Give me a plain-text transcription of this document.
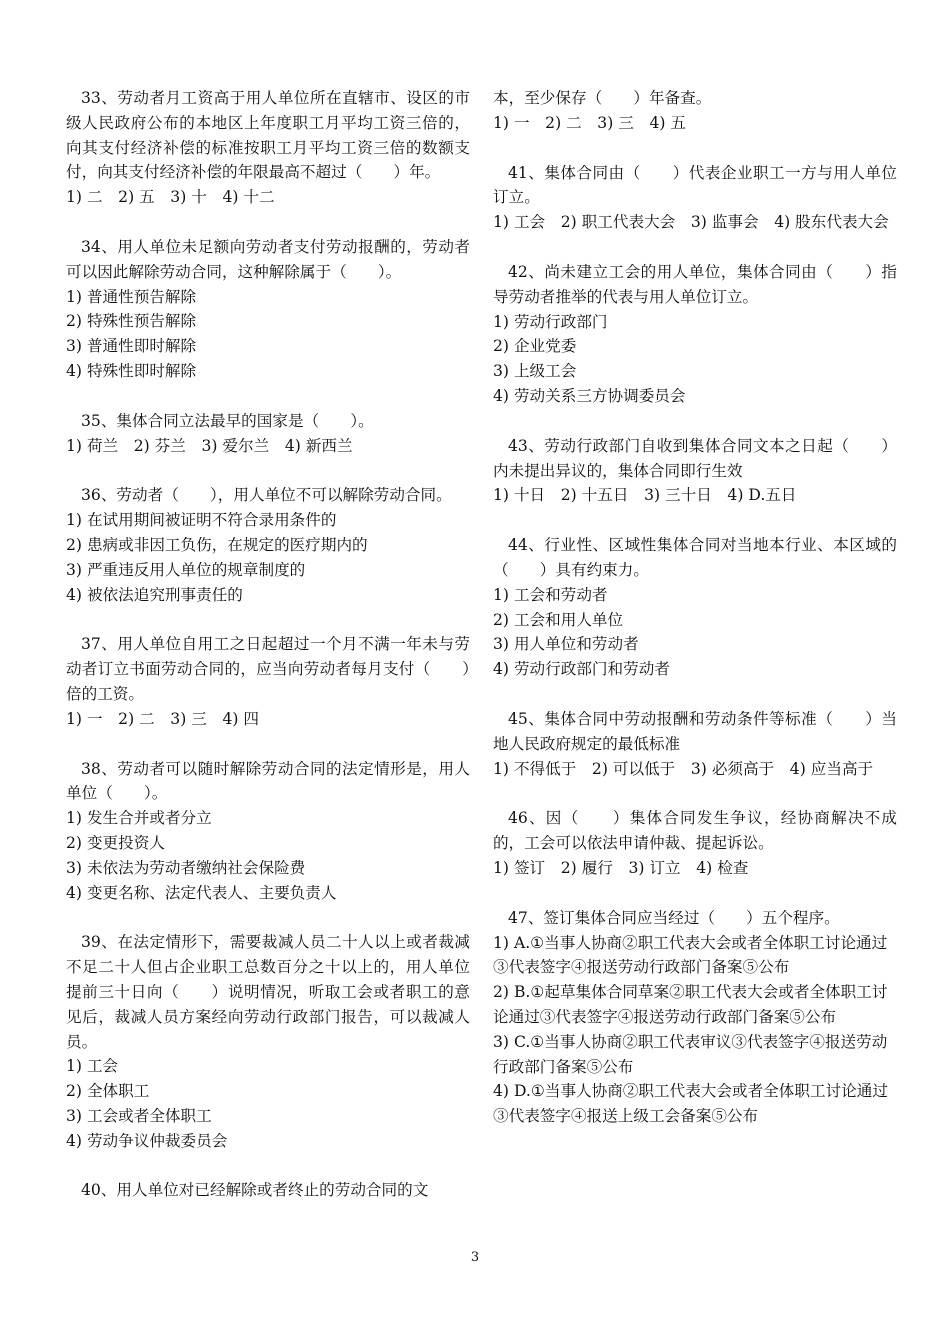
33、劳动者月工资高于用人单位所在直辖市、设区的市级人民政府公布的本地区上年度职工月平均工资三倍的，向其支付经济补偿的标准按职工月平均工资三倍的数额支付，向其支付经济补偿的年限最高不超过（　　）年。
1) 二　2) 五　3) 十　4) 十二
34、用人单位未足额向劳动者支付劳动报酬的，劳动者可以因此解除劳动合同，这种解除属于（　　）。
1) 普通性预告解除
2) 特殊性预告解除
3) 普通性即时解除
4) 特殊性即时解除
35、集体合同立法最早的国家是（　　）。
1) 荷兰　2) 芬兰　3) 爱尔兰　4) 新西兰
36、劳动者（　　），用人单位不可以解除劳动合同。
1) 在试用期间被证明不符合录用条件的
2) 患病或非因工负伤，在规定的医疗期内的
3) 严重违反用人单位的规章制度的
4) 被依法追究刑事责任的
37、用人单位自用工之日起超过一个月不满一年未与劳动者订立书面劳动合同的，应当向劳动者每月支付（　　）倍的工资。
1) 一　2) 二　3) 三　4) 四
38、劳动者可以随时解除劳动合同的法定情形是，用人单位（　　）。
1) 发生合并或者分立
2) 变更投资人
3) 未依法为劳动者缴纳社会保险费
4) 变更名称、法定代表人、主要负责人
39、在法定情形下，需要裁减人员二十人以上或者裁减不足二十人但占企业职工总数百分之十以上的，用人单位提前三十日向（　　）说明情况，听取工会或者职工的意见后，裁减人员方案经向劳动行政部门报告，可以裁减人员。
1) 工会
2) 全体职工
3) 工会或者全体职工
4) 劳动争议仲裁委员会
40、用人单位对已经解除或者终止的劳动合同的文
本，至少保存（　　）年备查。
1) 一　2) 二　3) 三　4) 五
41、集体合同由（　　）代表企业职工一方与用人单位订立。
1) 工会　2) 职工代表大会　3) 监事会　4) 股东代表大会
42、尚未建立工会的用人单位，集体合同由（　　）指导劳动者推举的代表与用人单位订立。
1) 劳动行政部门
2) 企业党委
3) 上级工会
4) 劳动关系三方协调委员会
43、劳动行政部门自收到集体合同文本之日起（　　）内未提出异议的，集体合同即行生效
1) 十日　2) 十五日　3) 三十日　4) D.五日
44、行业性、区域性集体合同对当地本行业、本区域的（　　）具有约束力。
1) 工会和劳动者
2) 工会和用人单位
3) 用人单位和劳动者
4) 劳动行政部门和劳动者
45、集体合同中劳动报酬和劳动条件等标准（　　）当地人民政府规定的最低标准
1) 不得低于　2) 可以低于　3) 必须高于　4) 应当高于
46、因（　　）集体合同发生争议，经协商解决不成的，工会可以依法申请仲裁、提起诉讼。
1) 签订　2) 履行　3) 订立　4) 检查
47、签订集体合同应当经过（　　）五个程序。
1) A.①当事人协商②职工代表大会或者全体职工讨论通过③代表签字④报送劳动行政部门备案⑤公布
2) B.①起草集体合同草案②职工代表大会或者全体职工讨论通过③代表签字④报送劳动行政部门备案⑤公布
3) C.①当事人协商②职工代表审议③代表签字④报送劳动行政部门备案⑤公布
4) D.①当事人协商②职工代表大会或者全体职工讨论通过③代表签字④报送上级工会备案⑤公布
3
